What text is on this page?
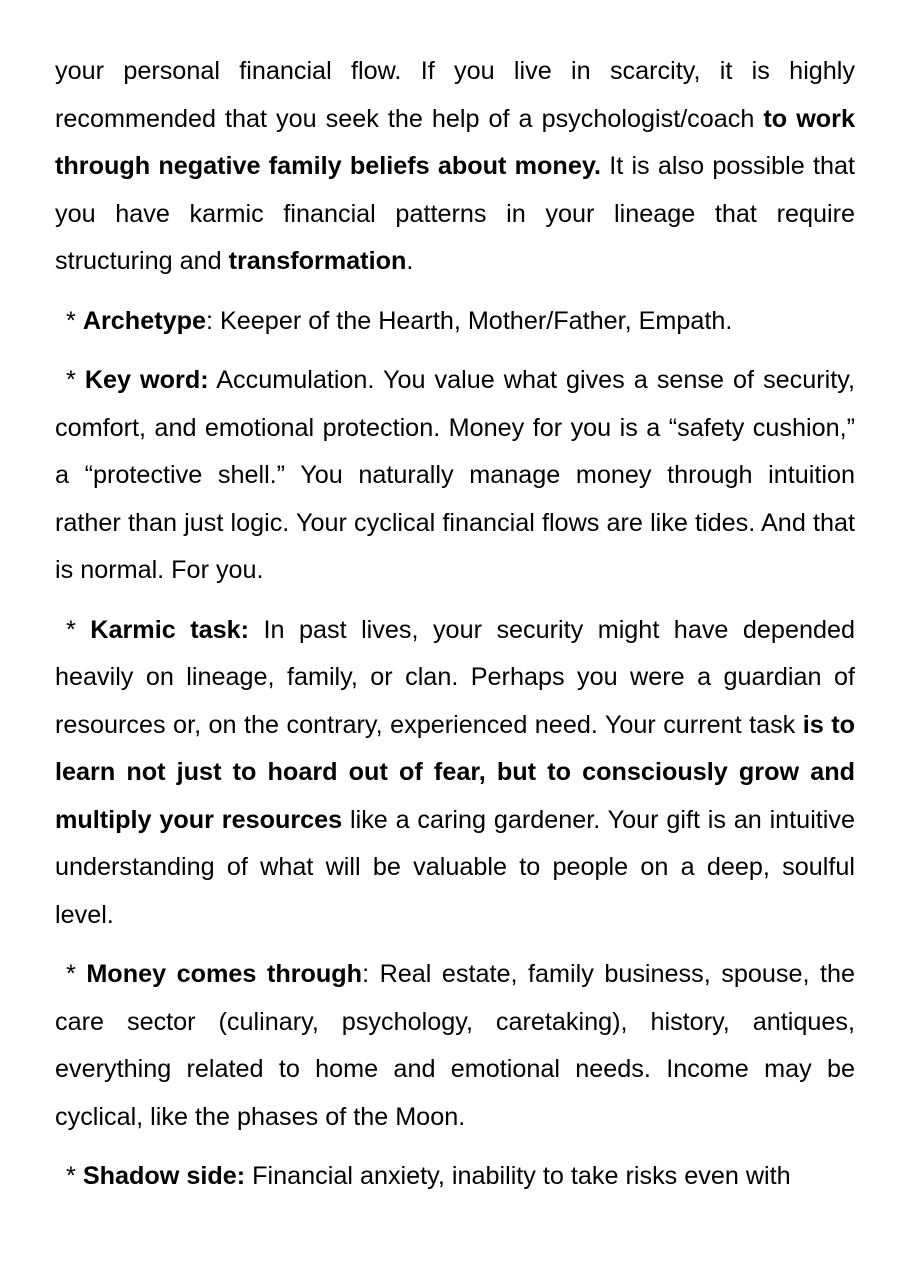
your personal financial flow. If you live in scarcity, it is highly recommended that you seek the help of a psychologist/coach to work through negative family beliefs about money. It is also possible that you have karmic financial patterns in your lineage that require structuring and transformation.

* Archetype: Keeper of the Hearth, Mother/Father, Empath.

* Key word: Accumulation. You value what gives a sense of security, comfort, and emotional protection. Money for you is a “safety cushion,” a “protective shell.” You naturally manage money through intuition rather than just logic. Your cyclical financial flows are like tides. And that is normal. For you.

* Karmic task: In past lives, your security might have depended heavily on lineage, family, or clan. Perhaps you were a guardian of resources or, on the contrary, experienced need. Your current task is to learn not just to hoard out of fear, but to consciously grow and multiply your resources like a caring gardener. Your gift is an intuitive understanding of what will be valuable to people on a deep, soulful level.

* Money comes through: Real estate, family business, spouse, the care sector (culinary, psychology, caretaking), history, antiques, everything related to home and emotional needs. Income may be cyclical, like the phases of the Moon.

* Shadow side: Financial anxiety, inability to take risks even with
